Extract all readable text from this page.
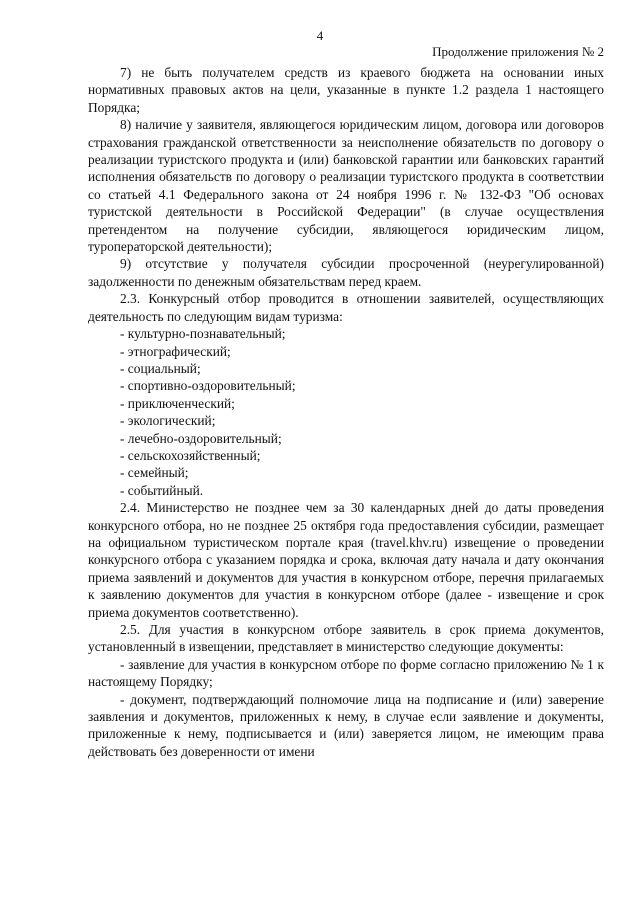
4
Продолжение приложения № 2

7) не быть получателем средств из краевого бюджета на основании иных нормативных правовых актов на цели, указанные в пункте 1.2 раздела 1 настоящего Порядка;

8) наличие у заявителя, являющегося юридическим лицом, договора или договоров страхования гражданской ответственности за неисполнение обязательств по договору о реализации туристского продукта и (или) банковской гарантии или банковских гарантий исполнения обязательств по договору о реализации туристского продукта в соответствии со статьей 4.1 Федерального закона от 24 ноября 1996 г. № 132-ФЗ "Об основах туристской деятельности в Российской Федерации" (в случае осуществления претендентом на получение субсидии, являющегося юридическим лицом, туроператорской деятельности);

9) отсутствие у получателя субсидии просроченной (неурегулированной) задолженности по денежным обязательствам перед краем.

2.3. Конкурсный отбор проводится в отношении заявителей, осуществляющих деятельность по следующим видам туризма:

- культурно-познавательный;

- этнографический;

- социальный;

- спортивно-оздоровительный;

- приключенческий;

- экологический;

- лечебно-оздоровительный;

- сельскохозяйственный;

- семейный;

- событийный.

2.4. Министерство не позднее чем за 30 календарных дней до даты проведения конкурсного отбора, но не позднее 25 октября года предоставления субсидии, размещает на официальном туристическом портале края (travel.khv.ru) извещение о проведении конкурсного отбора с указанием порядка и срока, включая дату начала и дату окончания приема заявлений и документов для участия в конкурсном отборе, перечня прилагаемых к заявлению документов для участия в конкурсном отборе (далее - извещение и срок приема документов соответственно).

2.5. Для участия в конкурсном отборе заявитель в срок приема документов, установленный в извещении, представляет в министерство следующие документы:

- заявление для участия в конкурсном отборе по форме согласно приложению № 1 к настоящему Порядку;

- документ, подтверждающий полномочие лица на подписание и (или) заверение заявления и документов, приложенных к нему, в случае если заявление и документы, приложенные к нему, подписывается и (или) заверяется лицом, не имеющим права действовать без доверенности от имени
